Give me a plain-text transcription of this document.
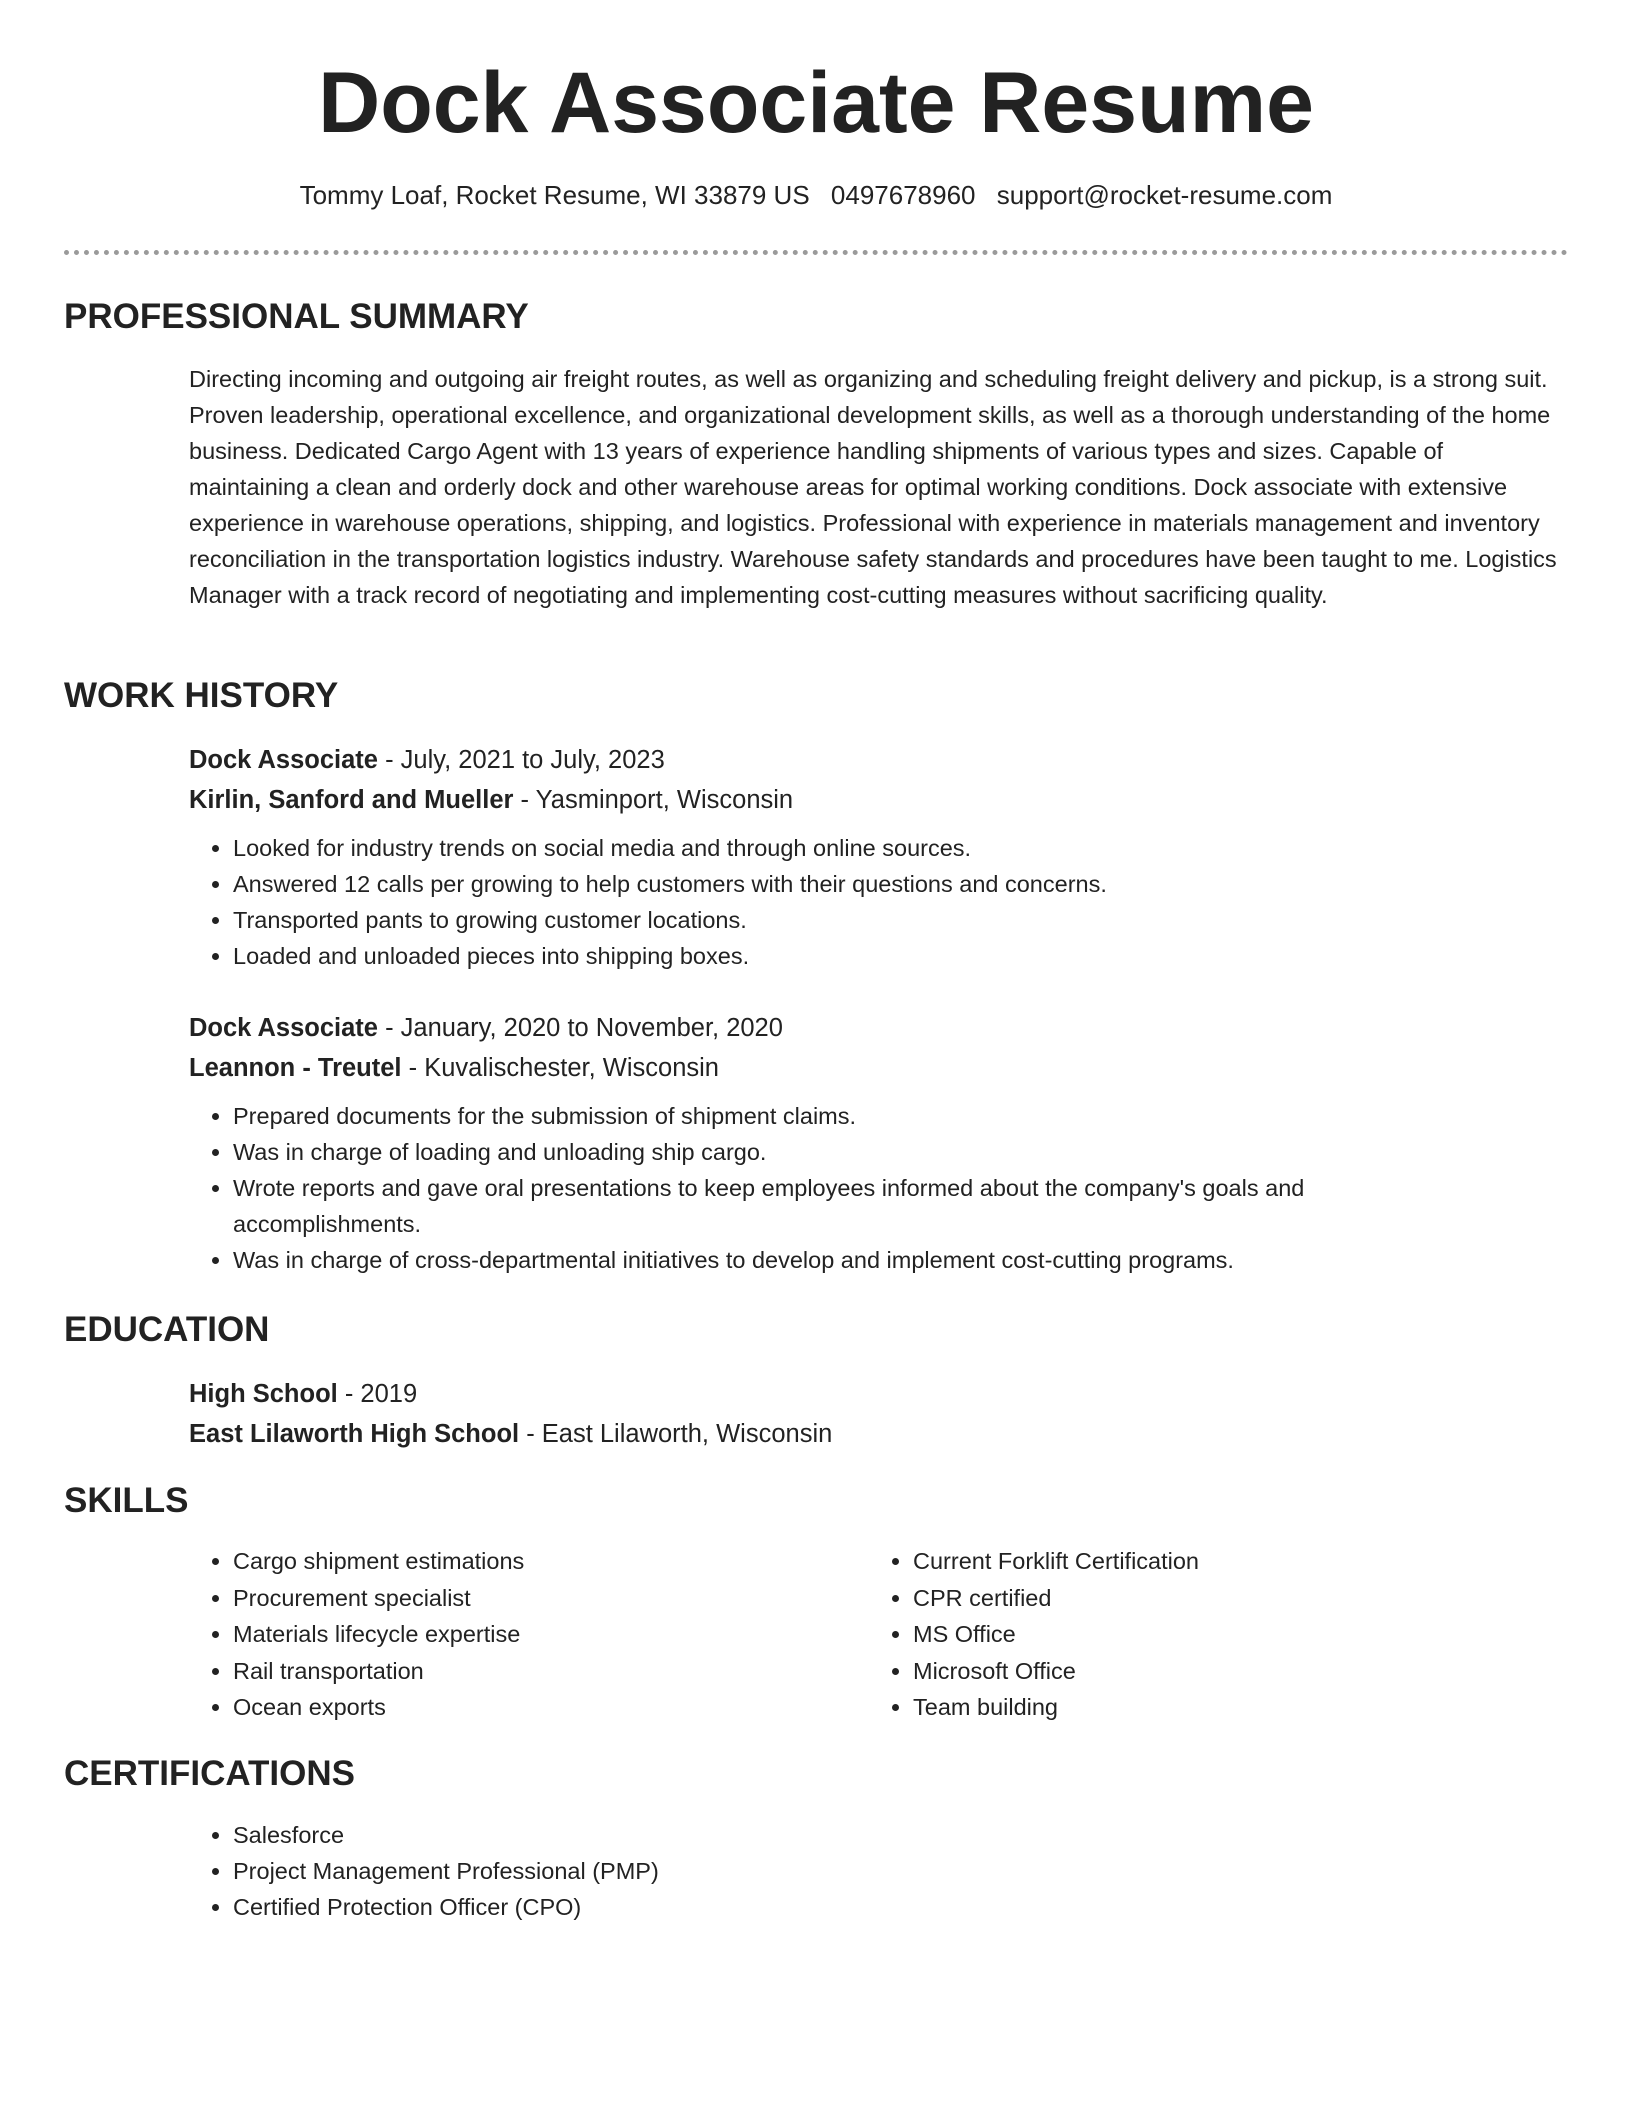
Dock Associate Resume
Tommy Loaf, Rocket Resume, WI 33879 US 0497678960 support@rocket-resume.com
PROFESSIONAL SUMMARY

Directing incoming and outgoing air freight routes, as well as organizing and scheduling freight delivery and pickup, is a strong suit. Proven leadership, operational excellence, and organizational development skills, as well as a thorough understanding of the home business. Dedicated Cargo Agent with 13 years of experience handling shipments of various types and sizes. Capable of maintaining a clean and orderly dock and other warehouse areas for optimal working conditions. Dock associate with extensive experience in warehouse operations, shipping, and logistics. Professional with experience in materials management and inventory reconciliation in the transportation logistics industry. Warehouse safety standards and procedures have been taught to me. Logistics Manager with a track record of negotiating and implementing cost-cutting measures without sacrificing quality.

WORK HISTORY
Dock Associate - July, 2021 to July, 2023
Kirlin, Sanford and Mueller - Yasminport, Wisconsin
• Looked for industry trends on social media and through online sources.
• Answered 12 calls per growing to help customers with their questions and concerns.
• Transported pants to growing customer locations.
• Loaded and unloaded pieces into shipping boxes.
Dock Associate - January, 2020 to November, 2020
Leannon - Treutel - Kuvalischester, Wisconsin
• Prepared documents for the submission of shipment claims.
• Was in charge of loading and unloading ship cargo.
• Wrote reports and gave oral presentations to keep employees informed about the company's goals and accomplishments.
• Was in charge of cross-departmental initiatives to develop and implement cost-cutting programs.
EDUCATION
High School - 2019
East Lilaworth High School - East Lilaworth, Wisconsin
SKILLS
• Cargo shipment estimations
• Procurement specialist
• Materials lifecycle expertise
• Rail transportation
• Ocean exports
• Current Forklift Certification
• CPR certified
• MS Office
• Microsoft Office
• Team building
CERTIFICATIONS
• Salesforce
• Project Management Professional (PMP)
• Certified Protection Officer (CPO)
